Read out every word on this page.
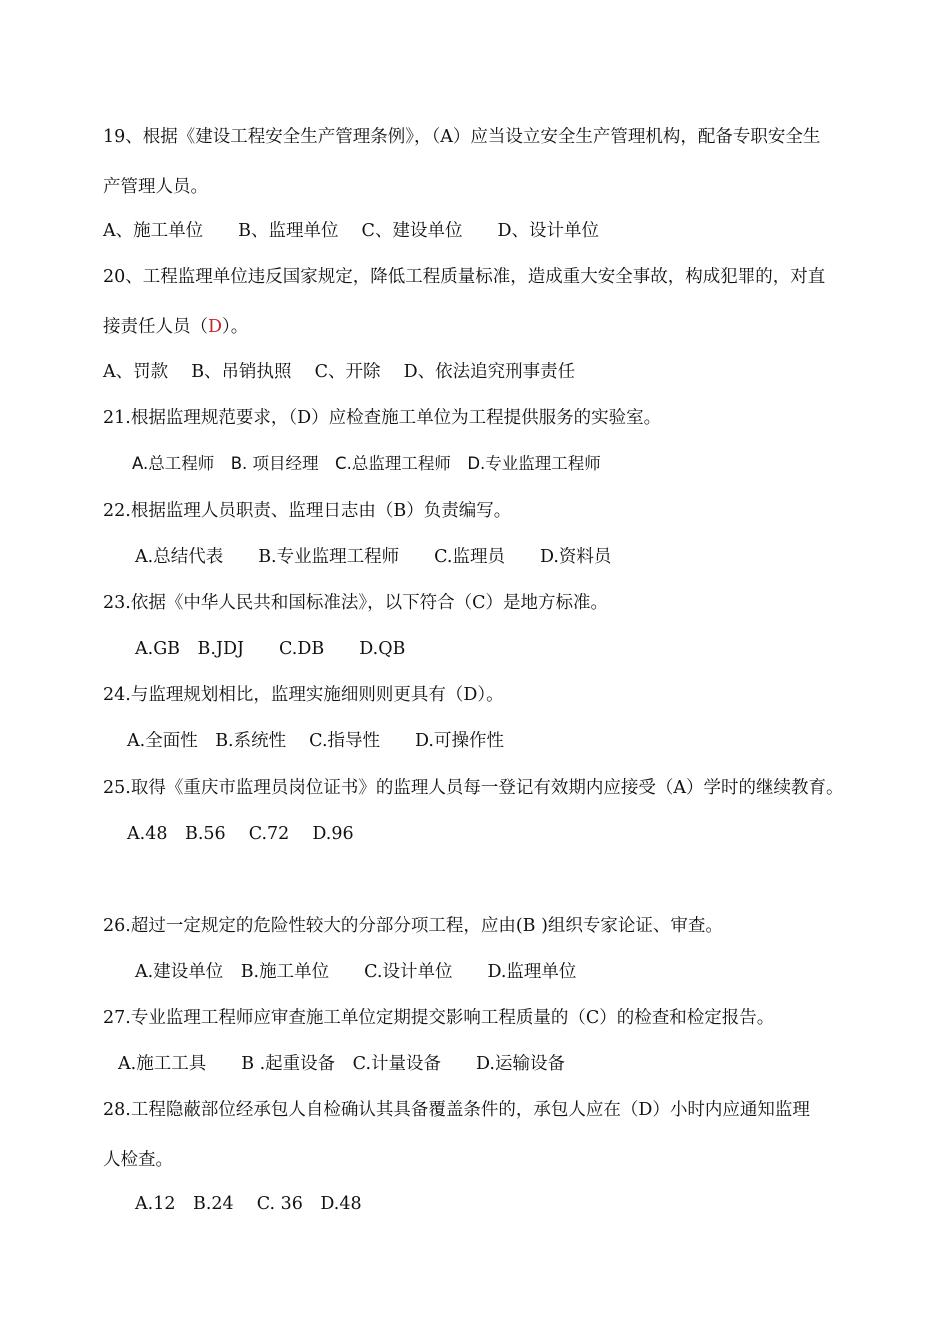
19、根据《建设工程安全生产管理条例》，（A）应当设立安全生产管理机构，配备专职安全生
产管理人员。
A、施工单位　　B、监理单位　 C、建设单位　　D、设计单位
20、工程监理单位违反国家规定，降低工程质量标准，造成重大安全事故，构成犯罪的，对直
接责任人员（D）。
A、罚款　 B、吊销执照　 C、开除　 D、依法追究刑事责任
21.根据监理规范要求，（D）应检查施工单位为工程提供服务的实验室。
A.总工程师　B. 项目经理　C.总监理工程师　D.专业监理工程师
22.根据监理人员职责、监理日志由（B）负责编写。
A.总结代表　　B.专业监理工程师　　C.监理员　　D.资料员
23.依据《中华人民共和国标准法》，以下符合（C）是地方标准。
A.GB　B.JDJ　　C.DB　　D.QB
24.与监理规划相比，监理实施细则则更具有（D）。
A.全面性　B.系统性　 C.指导性　　D.可操作性
25.取得《重庆市监理员岗位证书》的监理人员每一登记有效期内应接受（A）学时的继续教育。
A.48　B.56　 C.72　 D.96
26.超过一定规定的危险性较大的分部分项工程，应由(B )组织专家论证、审查。
A.建设单位　B.施工单位　　C.设计单位　　D.监理单位
27.专业监理工程师应审查施工单位定期提交影响工程质量的（C）的检查和检定报告。
A.施工工具　　B .起重设备　C.计量设备　　D.运输设备
28.工程隐蔽部位经承包人自检确认其具备覆盖条件的，承包人应在（D）小时内应通知监理
人检查。
A.12　B.24　 C. 36　D.48
